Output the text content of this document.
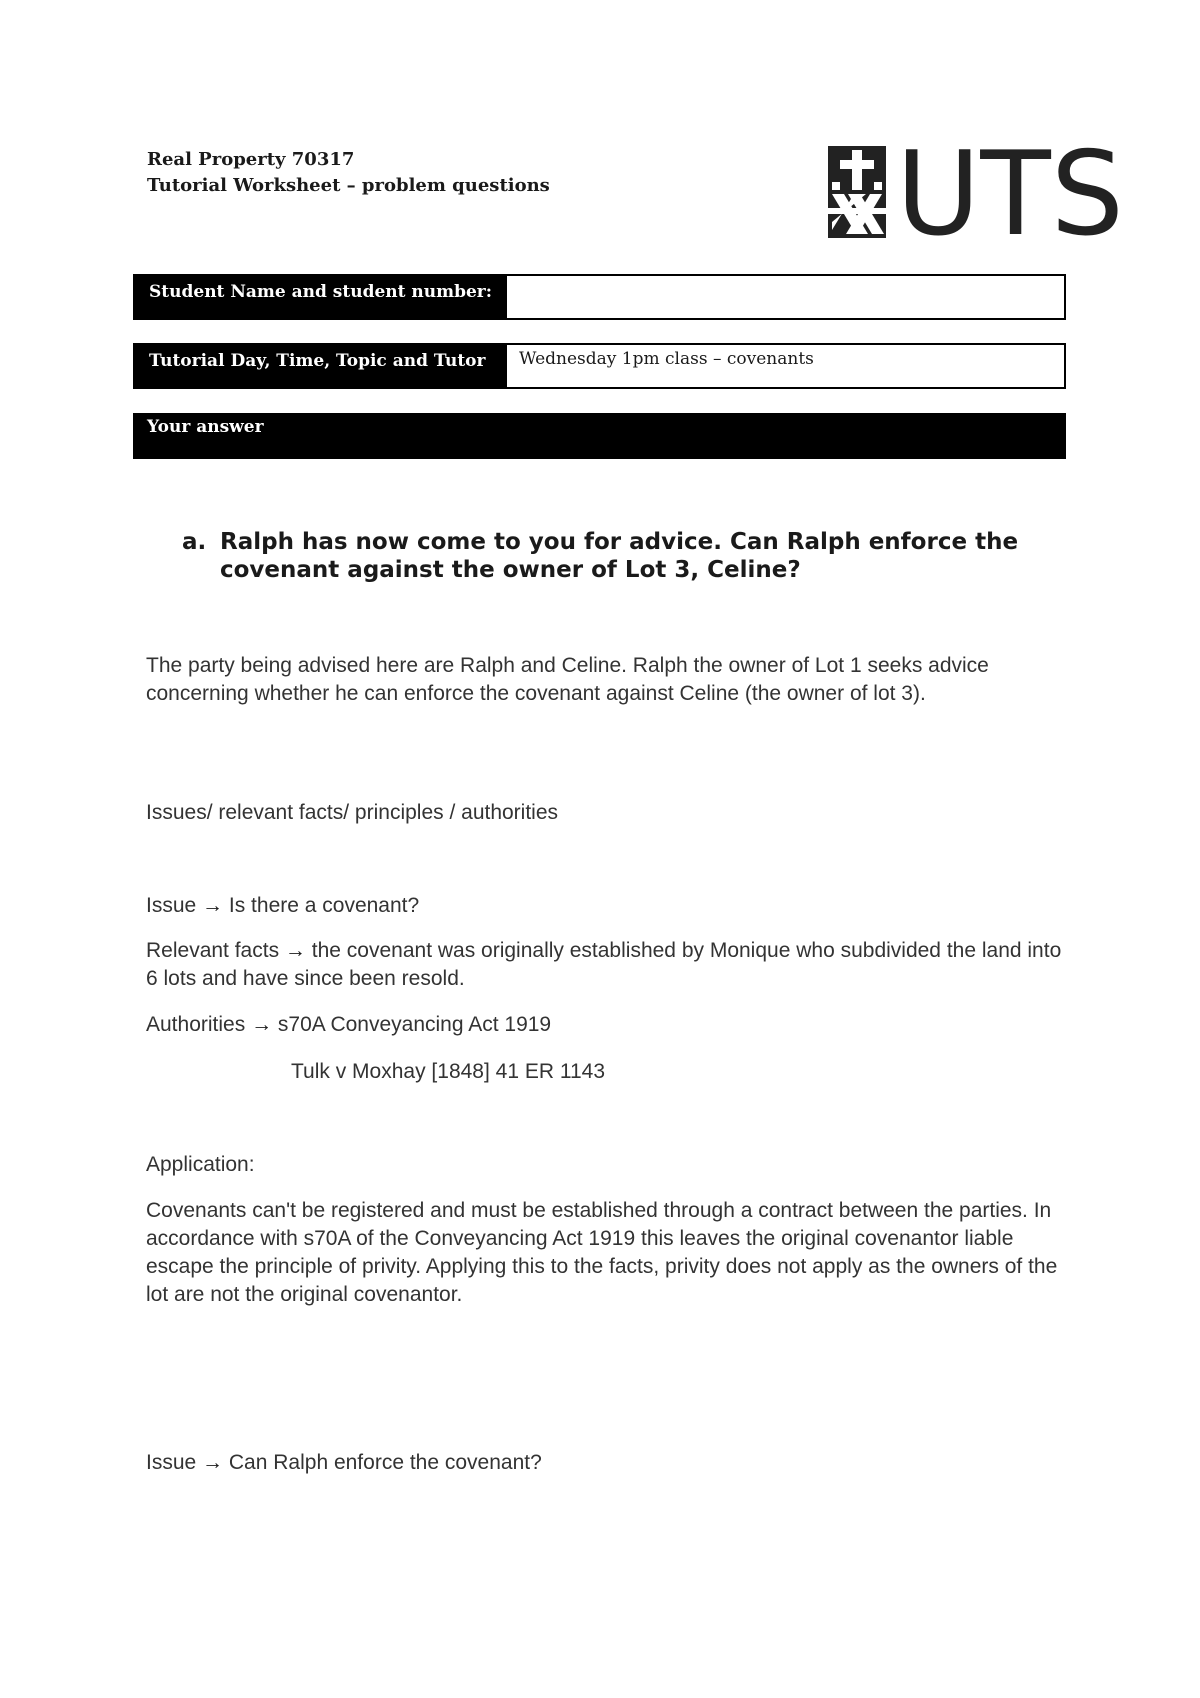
Real Property 70317
Tutorial Worksheet – problem questions	UTS
Student Name and student number:
Tutorial Day, Time, Topic and Tutor	Wednesday 1pm class – covenants
Your answer
a. Ralph has now come to you for advice. Can Ralph enforce the covenant against the owner of Lot 3, Celine?
The party being advised here are Ralph and Celine. Ralph the owner of Lot 1 seeks advice concerning whether he can enforce the covenant against Celine (the owner of lot 3).
Issues/ relevant facts/ principles / authorities
Issue → Is there a covenant?
Relevant facts → the covenant was originally established by Monique who subdivided the land into 6 lots and have since been resold.
Authorities → s70A Conveyancing Act 1919
Tulk v Moxhay [1848] 41 ER 1143
Application:
Covenants can't be registered and must be established through a contract between the parties. In accordance with s70A of the Conveyancing Act 1919 this leaves the original covenantor liable escape the principle of privity. Applying this to the facts, privity does not apply as the owners of the lot are not the original covenantor.
Issue → Can Ralph enforce the covenant?
